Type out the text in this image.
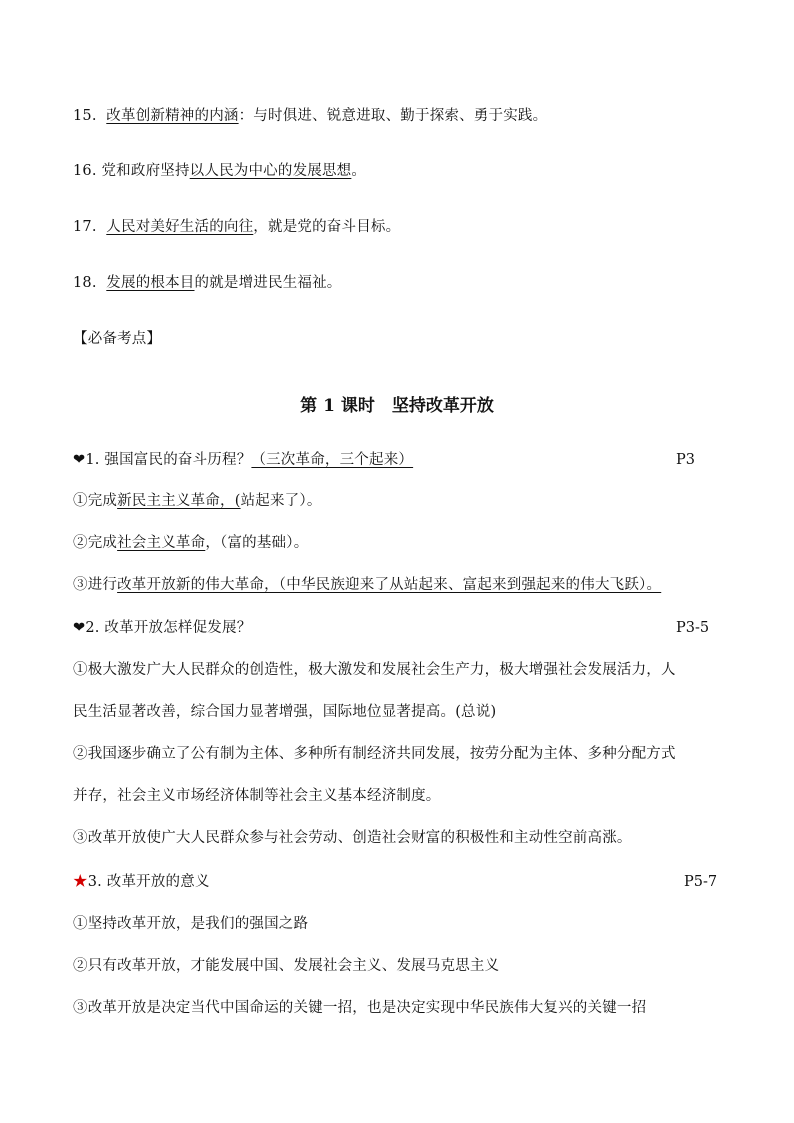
15. 改革创新精神的内涵：与时俱进、锐意进取、勤于探索、勇于实践。
16. 党和政府坚持以人民为中心的发展思想。
17. 人民对美好生活的向往，就是党的奋斗目标。
18. 发展的根本目的就是增进民生福祉。
【必备考点】
第 1 课时　坚持改革开放
❤1. 强国富民的奋斗历程？（三次革命，三个起来）	P3
①完成新民主主义革命，(站起来了）。
②完成社会主义革命，（富的基础）。
③进行改革开放新的伟大革命，（中华民族迎来了从站起来、富起来到强起来的伟大飞跃）。
❤2. 改革开放怎样促发展？	P3-5
①极大激发广大人民群众的创造性，极大激发和发展社会生产力，极大增强社会发展活力，人
民生活显著改善，综合国力显著增强，国际地位显著提高。(总说)
②我国逐步确立了公有制为主体、多种所有制经济共同发展，按劳分配为主体、多种分配方式
并存，社会主义市场经济体制等社会主义基本经济制度。
③改革开放使广大人民群众参与社会劳动、创造社会财富的积极性和主动性空前高涨。
★3. 改革开放的意义	P5-7
①坚持改革开放，是我们的强国之路
②只有改革开放，才能发展中国、发展社会主义、发展马克思主义
③改革开放是决定当代中国命运的关键一招，也是决定实现中华民族伟大复兴的关键一招
